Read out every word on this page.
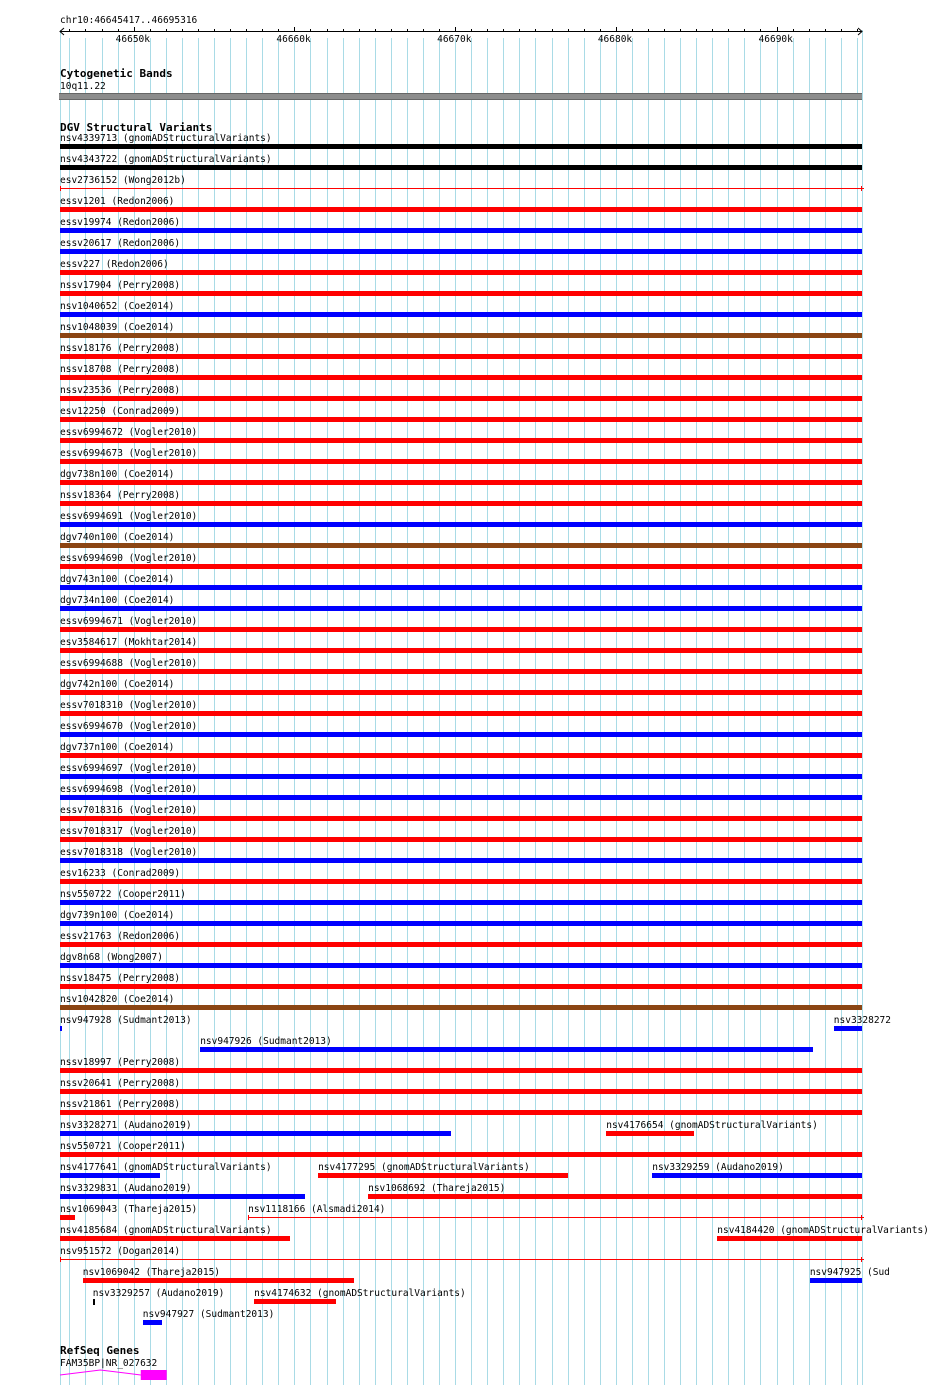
chr10:46645417..46695316
46650k	46660k	46670k	46680k	46690k
Cytogenetic Bands
10q11.22
DGV Structural Variants
nsv4339713 (gnomADStructuralVariants)
nsv4343722 (gnomADStructuralVariants)
esv2736152 (Wong2012b)
essv1201 (Redon2006)
essv19974 (Redon2006)
essv20617 (Redon2006)
essv227 (Redon2006)
nssv17904 (Perry2008)
nsv1040652 (Coe2014)
nsv1048039 (Coe2014)
nssv18176 (Perry2008)
nssv18708 (Perry2008)
nssv23536 (Perry2008)
esv12250 (Conrad2009)
essv6994672 (Vogler2010)
essv6994673 (Vogler2010)
dgv738n100 (Coe2014)
nssv18364 (Perry2008)
essv6994691 (Vogler2010)
dgv740n100 (Coe2014)
essv6994690 (Vogler2010)
dgv743n100 (Coe2014)
dgv734n100 (Coe2014)
essv6994671 (Vogler2010)
esv3584617 (Mokhtar2014)
essv6994688 (Vogler2010)
dgv742n100 (Coe2014)
essv7018310 (Vogler2010)
essv6994670 (Vogler2010)
dgv737n100 (Coe2014)
essv6994697 (Vogler2010)
essv6994698 (Vogler2010)
essv7018316 (Vogler2010)
essv7018317 (Vogler2010)
essv7018318 (Vogler2010)
esv16233 (Conrad2009)
nsv550722 (Cooper2011)
dgv739n100 (Coe2014)
essv21763 (Redon2006)
dgv8n68 (Wong2007)
nssv18475 (Perry2008)
nsv1042820 (Coe2014)
nsv947928 (Sudmant2013)
nsv947926 (Sudmant2013)
nsv3328272
nssv18997 (Perry2008)
nssv20641 (Perry2008)
nssv21861 (Perry2008)
nsv3328271 (Audano2019)	nsv4176654 (gnomADStructuralVariants)
nsv550721 (Cooper2011)
nsv4177641 (gnomADStructuralVariants)	nsv4177295 (gnomADStructuralVariants)	nsv3329259 (Audano2019)
nsv3329831 (Audano2019)	nsv1068692 (Thareja2015)
nsv1069043 (Thareja2015)	nsv1118166 (Alsmadi2014)
nsv4185684 (gnomADStructuralVariants)	nsv4184420 (gnomADStructuralVariants)
nsv951572 (Dogan2014)
nsv1069042 (Thareja2015)	nsv947925 (Sud
nsv3329257 (Audano2019)	nsv4174632 (gnomADStructuralVariants)
nsv947927 (Sudmant2013)
RefSeq Genes
FAM35BP|NR_027632
